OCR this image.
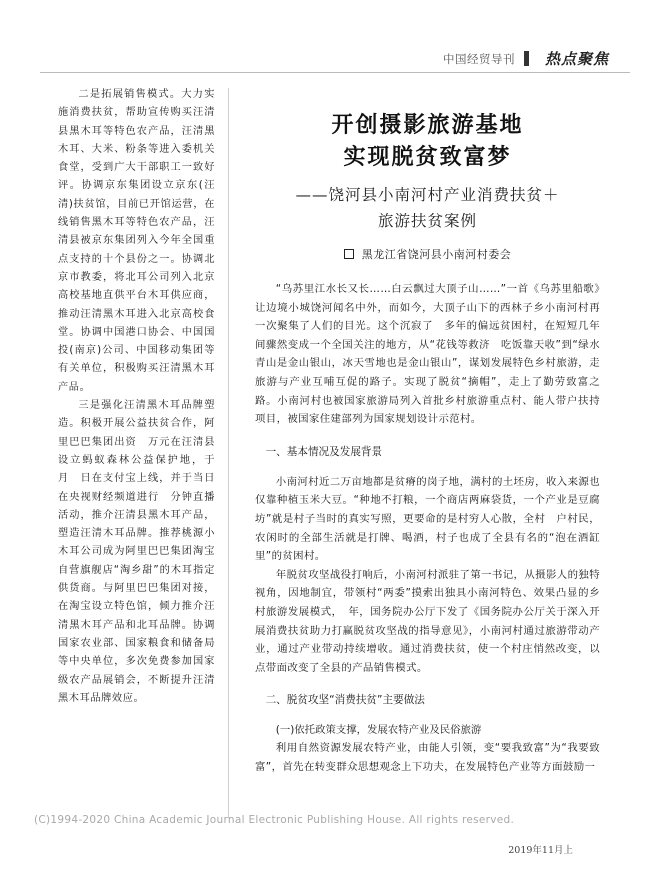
中国经贸导刊 热点聚焦

二是拓展销售模式。大力实施消费扶贫，帮助宣传购买汪清县黑木耳等特色农产品，汪清黑木耳、大米、粉条等进入委机关食堂，受到广大干部职工一致好评。协调京东集团设立京东(汪清)扶贫馆，目前已开馆运营，在线销售黑木耳等特色农产品，汪清县被京东集团列入今年全国重点支持的十个县份之一。协调北京市教委，将北耳公司列入北京高校基地直供平台木耳供应商，推动汪清黑木耳进入北京高校食堂。协调中国港口协会、中国国投(南京)公司、中国移动集团等有关单位，积极购买汪清黑木耳产品。

三是强化汪清黑木耳品牌塑造。积极开展公益扶贫合作，阿里巴巴集团出资　万元在汪清县设立蚂蚁森林公益保护地，于　月　日在支付宝上线，并于当日在央视财经频道进行　分钟直播活动，推介汪清县黑木耳产品，塑造汪清木耳品牌。推荐桃源小木耳公司成为阿里巴巴集团淘宝自营旗舰店“淘乡甜”的木耳指定供货商。与阿里巴巴集团对接，在淘宝设立特色馆，倾力推介汪清黑木耳产品和北耳品牌。协调国家农业部、国家粮食和储备局等中央单位，多次免费参加国家级农产品展销会，不断提升汪清黑木耳品牌效应。

开创摄影旅游基地
实现脱贫致富梦
——饶河县小南河村产业消费扶贫＋
旅游扶贫案例
黑龙江省饶河县小南河村委会

“乌苏里江水长又长……白云飘过大顶子山……”一首《乌苏里船歌》让边境小城饶河闻名中外，而如今，大顶子山下的西林子乡小南河村再一次聚集了人们的目光。这个沉寂了　多年的偏远贫困村，在短短几年间骤然变成一个全国关注的地方，从“花钱等救济　吃饭靠天收”到“绿水青山是金山银山，冰天雪地也是金山银山”，谋划发展特色乡村旅游，走旅游与产业互哺互促的路子。实现了脱贫“摘帽”，走上了勤劳致富之路。小南河村也被国家旅游局列入首批乡村旅游重点村、能人带户扶持项目，被国家住建部列为国家规划设计示范村。

一、基本情况及发展背景

小南河村近二万亩地都是贫瘠的岗子地，满村的土坯房，收入来源也仅靠种植玉米大豆。“种地不打粮，一个商店两麻袋货，一个产业是豆腐坊”就是村子当时的真实写照，更要命的是村穷人心散，全村　户村民，农闲时的全部生活就是打牌、喝酒，村子也成了全县有名的“泡在酒缸里”的贫困村。

年脱贫攻坚战役打响后，小南河村派驻了第一书记，从摄影人的独特视角，因地制宜，带领村“两委”摸索出独具小南河特色、效果凸显的乡村旅游发展模式，　年，国务院办公厅下发了《国务院办公厅关于深入开展消费扶贫助力打赢脱贫攻坚战的指导意见》，小南河村通过旅游带动产业，通过产业带动持续增收。通过消费扶贫，使一个村庄悄然改变，以点带面改变了全县的产品销售模式。

二、脱贫攻坚“消费扶贫”主要做法
(一)依托政策支撑，发展农特产业及民俗旅游

利用自然资源发展农特产业，由能人引领，变“要我致富”为“我要致富”，首先在转变群众思想观念上下功夫，在发展特色产业等方面鼓励一

(C)1994-2020 China Academic Journal Electronic Publishing House. All rights reserved.
2019年11月上
